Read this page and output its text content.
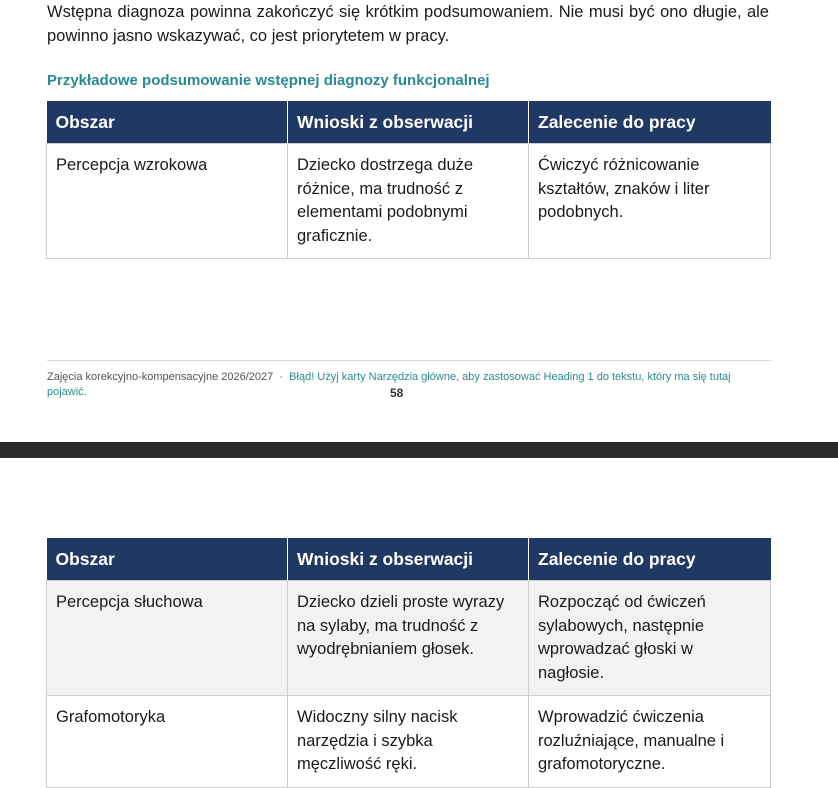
Wstępna diagnoza powinna zakończyć się krótkim podsumowaniem. Nie musi być ono długie, ale powinno jasno wskazywać, co jest priorytetem w pracy.
Przykładowe podsumowanie wstępnej diagnozy funkcjonalnej
Obszar	Wnioski z obserwacji	Zalecenie do pracy
Percepcja wzrokowa	Dziecko dostrzega duże różnice, ma trudność z elementami podobnymi graficznie.	Ćwiczyć różnicowanie kształtów, znaków i liter podobnych.
Zajęcia korekcyjno-kompensacyjne 2026/2027 · Błąd! Użyj karty Narzędzia główne, aby zastosować Heading 1 do tekstu, który ma się tutaj pojawić.	58
Obszar	Wnioski z obserwacji	Zalecenie do pracy
Percepcja słuchowa	Dziecko dzieli proste wyrazy na sylaby, ma trudność z wyodrębnianiem głosek.	Rozpocząć od ćwiczeń sylabowych, następnie wprowadzać głoski w nagłosie.
Grafomotoryka	Widoczny silny nacisk narzędzia i szybka męczliwość ręki.	Wprowadzić ćwiczenia rozluźniające, manualne i grafomotoryczne.
